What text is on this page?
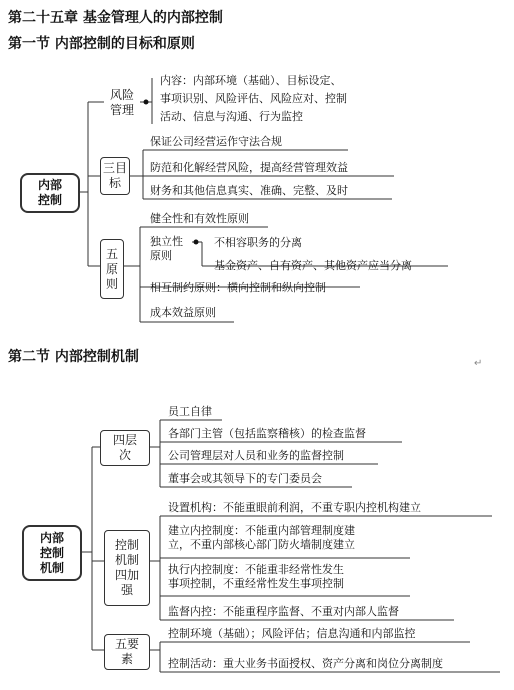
第二十五章 基金管理人的内部控制
第一节 内部控制的目标和原则
第二节 内部控制机制	↵
内部
控制
风险
管理
内容：内部环境（基础）、目标设定、
事项识别、风险评估、风险应对、控制
活动、信息与沟通、行为监控
三目
标
保证公司经营运作守法合规
防范和化解经营风险，提高经营管理效益
财务和其他信息真实、准确、完整、及时
五
原
则
健全性和有效性原则
独立性
原则
不相容职务的分离
基金资产、自有资产、其他资产应当分离
相互制约原则：横向控制和纵向控制
成本效益原则
内部
控制
机制
四层
次
员工自律
各部门主管（包括监察稽核）的检查监督
公司管理层对人员和业务的监督控制
董事会或其领导下的专门委员会
控制
机制
四加
强
设置机构：不能重眼前利润，不重专职内控机构建立
建立内控制度：不能重内部管理制度建
立，不重内部核心部门防火墙制度建立
执行内控制度：不能重非经常性发生
事项控制，不重经常性发生事项控制
监督内控：不能重程序监督、不重对内部人监督
五要
素
控制环境（基础）；风险评估；信息沟通和内部监控
控制活动：重大业务书面授权、资产分离和岗位分离制度
